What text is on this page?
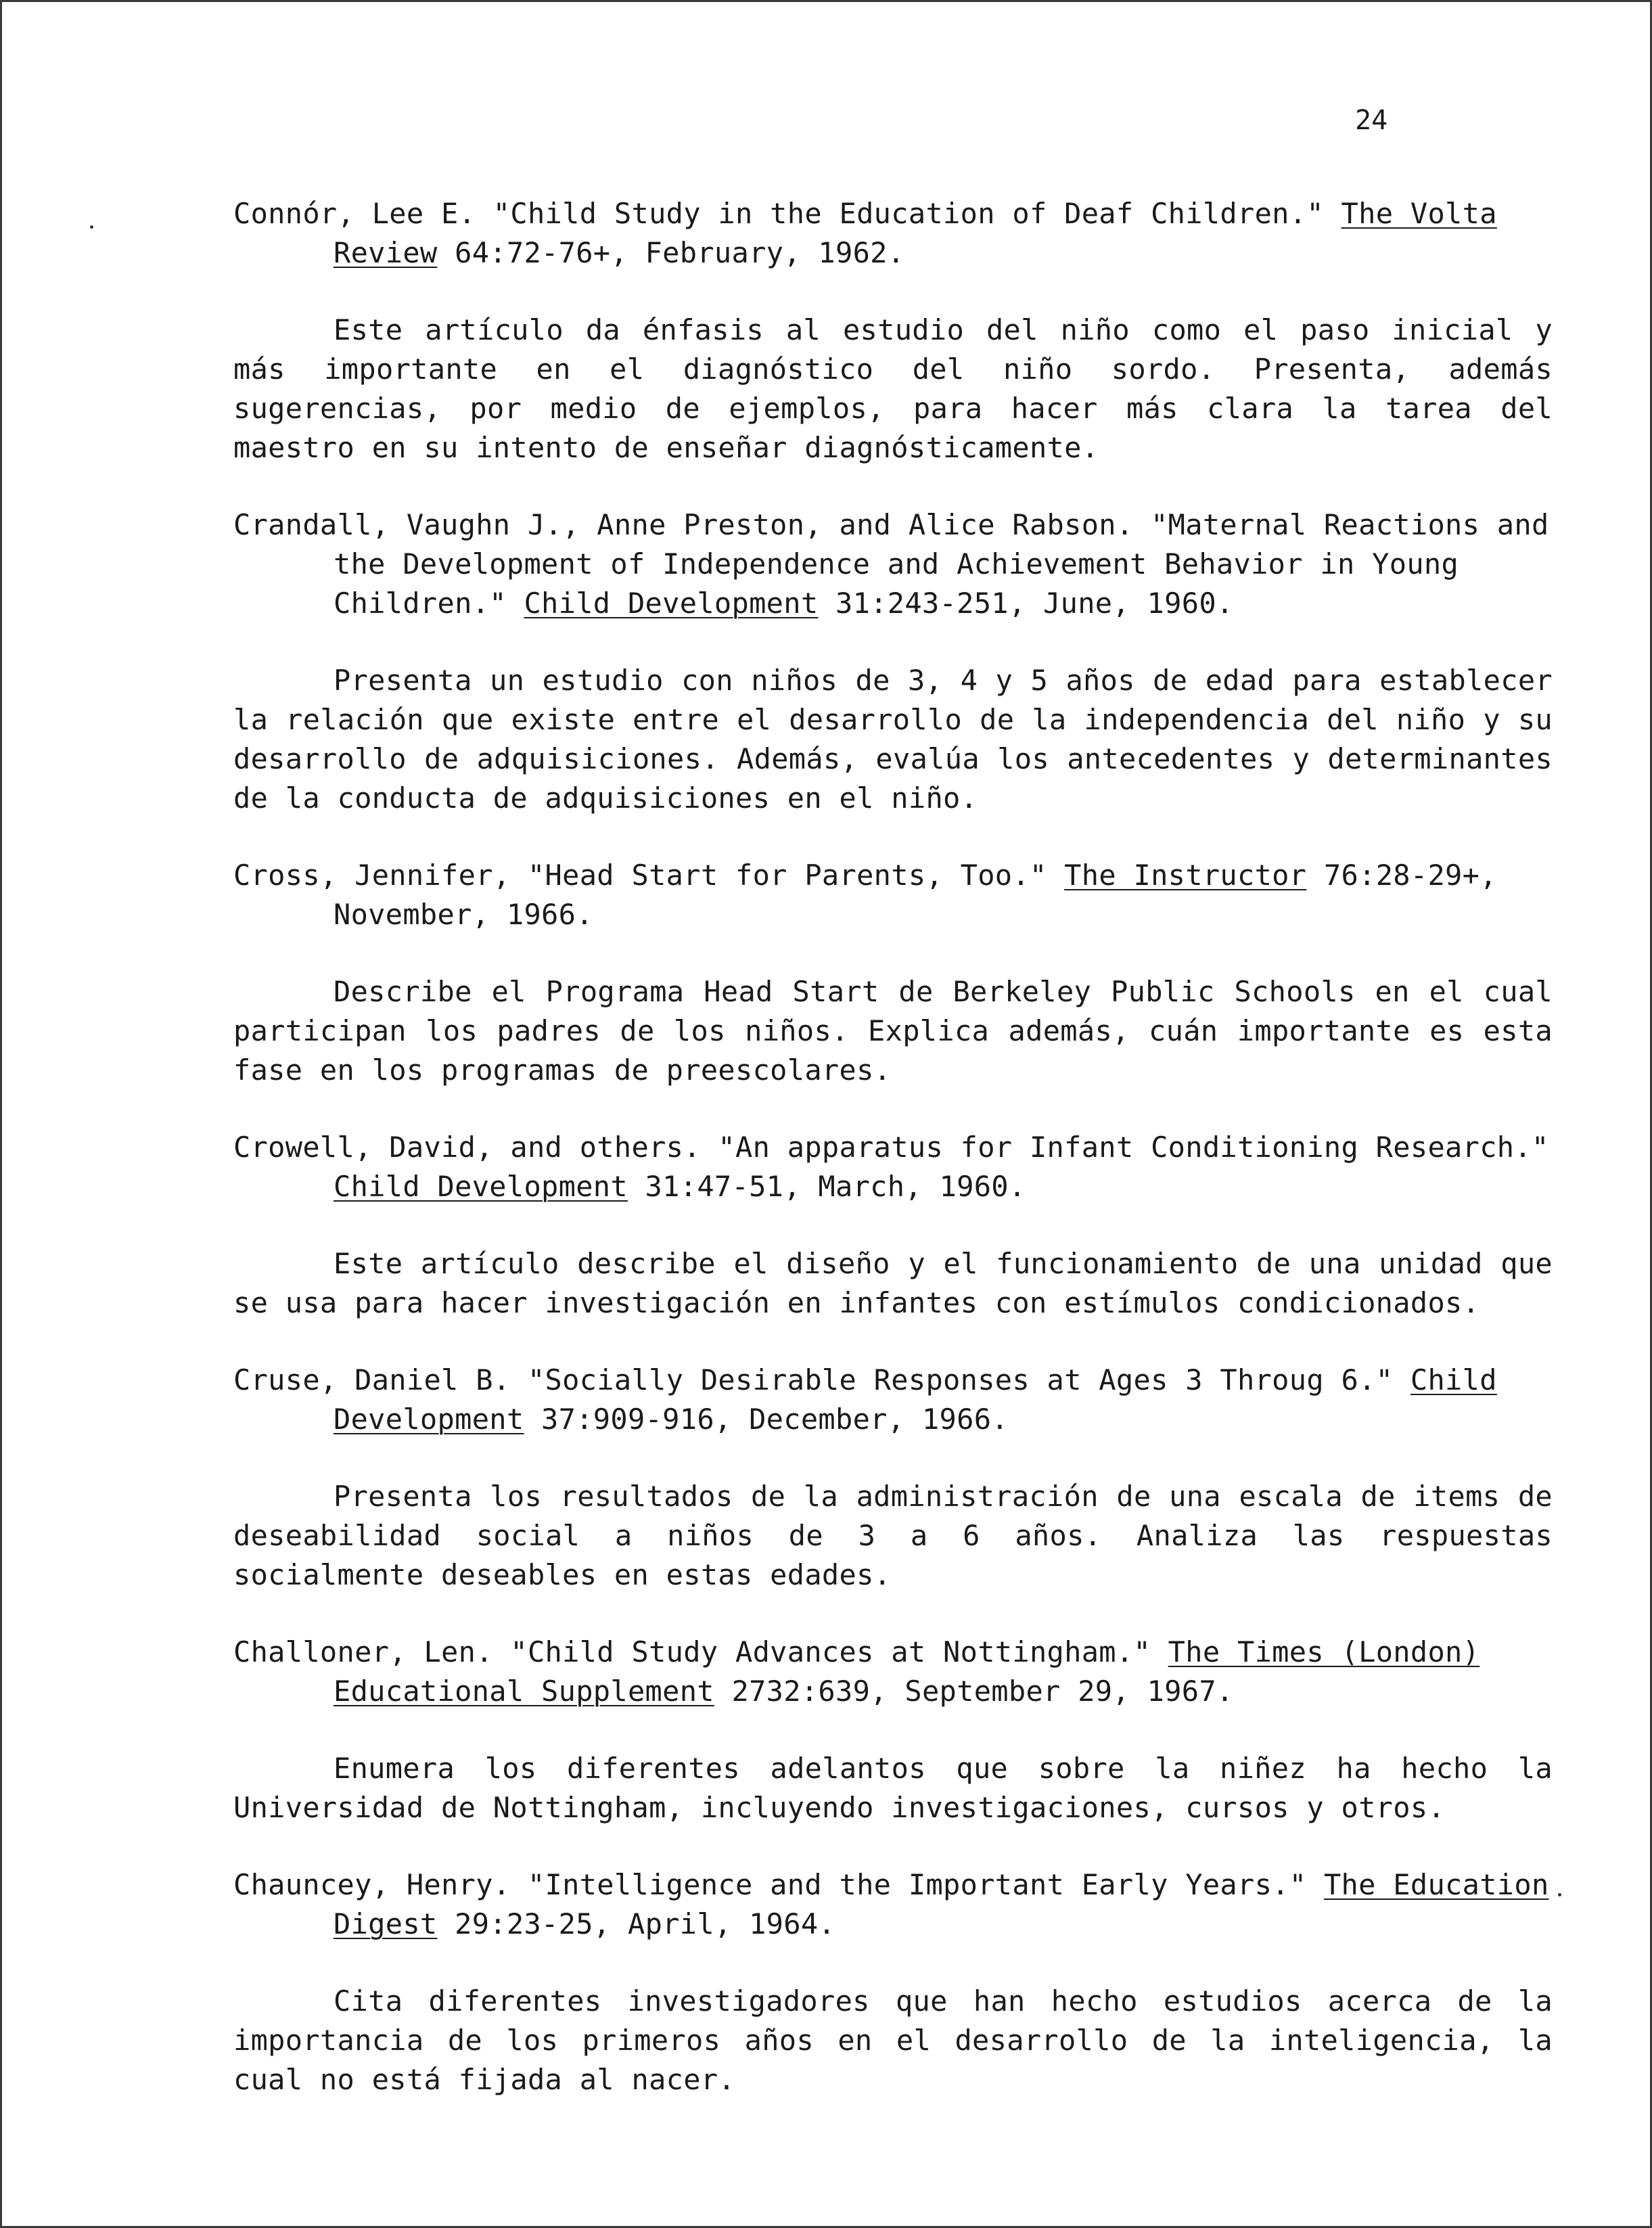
24

Connór, Lee E. "Child Study in the Education of Deaf Children." The Volta Review 64:72-76+, February, 1962.

Este artículo da énfasis al estudio del niño como el paso inicial y más importante en el diagnóstico del niño sordo. Presenta, además sugerencias, por medio de ejemplos, para hacer más clara la tarea del maestro en su intento de enseñar diagnósticamente.

Crandall, Vaughn J., Anne Preston, and Alice Rabson. "Maternal Reactions and the Development of Independence and Achievement Behavior in Young Children." Child Development 31:243-251, June, 1960.

Presenta un estudio con niños de 3, 4 y 5 años de edad para establecer la relación que existe entre el desarrollo de la independencia del niño y su desarrollo de adquisiciones. Además, evalúa los antecedentes y determinantes de la conducta de adquisiciones en el niño.

Cross, Jennifer, "Head Start for Parents, Too." The Instructor 76:28-29+, November, 1966.

Describe el Programa Head Start de Berkeley Public Schools en el cual participan los padres de los niños. Explica además, cuán importante es esta fase en los programas de preescolares.

Crowell, David, and others. "An apparatus for Infant Conditioning Research." Child Development 31:47-51, March, 1960.

Este artículo describe el diseño y el funcionamiento de una unidad que se usa para hacer investigación en infantes con estímulos condicionados.

Cruse, Daniel B. "Socially Desirable Responses at Ages 3 Throug 6." Child Development 37:909-916, December, 1966.

Presenta los resultados de la administración de una escala de items de deseabilidad social a niños de 3 a 6 años. Analiza las respuestas socialmente deseables en estas edades.

Challoner, Len. "Child Study Advances at Nottingham." The Times (London) Educational Supplement 2732:639, September 29, 1967.

Enumera los diferentes adelantos que sobre la niñez ha hecho la Universidad de Nottingham, incluyendo investigaciones, cursos y otros.

Chauncey, Henry. "Intelligence and the Important Early Years." The Education Digest 29:23-25, April, 1964.

Cita diferentes investigadores que han hecho estudios acerca de la importancia de los primeros años en el desarrollo de la inteligencia, la cual no está fijada al nacer.
